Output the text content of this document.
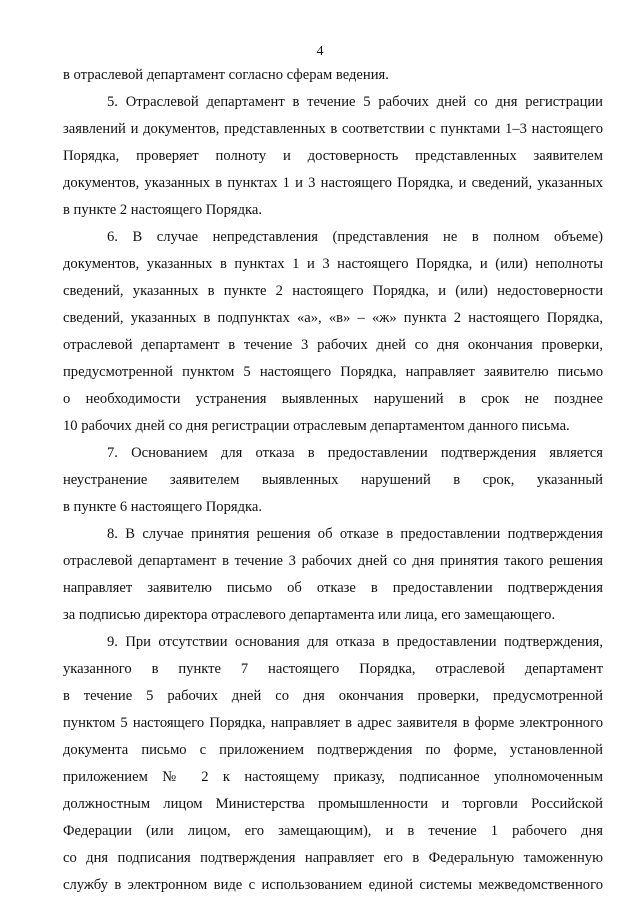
4
в отраслевой департамент согласно сферам ведения.
5. Отраслевой департамент в течение 5 рабочих дней со дня регистрации
заявлений и документов, представленных в соответствии с пунктами 1–3 настоящего
Порядка, проверяет полноту и достоверность представленных заявителем
документов, указанных в пунктах 1 и 3 настоящего Порядка, и сведений, указанных
в пункте 2 настоящего Порядка.
6. В случае непредставления (представления не в полном объеме)
документов, указанных в пунктах 1 и 3 настоящего Порядка, и (или) неполноты
сведений, указанных в пункте 2 настоящего Порядка, и (или) недостоверности
сведений, указанных в подпунктах «а», «в» – «ж» пункта 2 настоящего Порядка,
отраслевой департамент в течение 3 рабочих дней со дня окончания проверки,
предусмотренной пунктом 5 настоящего Порядка, направляет заявителю письмо
о необходимости устранения выявленных нарушений в срок не позднее
10 рабочих дней со дня регистрации отраслевым департаментом данного письма.
7. Основанием для отказа в предоставлении подтверждения является
неустранение заявителем выявленных нарушений в срок, указанный
в пункте 6 настоящего Порядка.
8. В случае принятия решения об отказе в предоставлении подтверждения
отраслевой департамент в течение 3 рабочих дней со дня принятия такого решения
направляет заявителю письмо об отказе в предоставлении подтверждения
за подписью директора отраслевого департамента или лица, его замещающего.
9. При отсутствии основания для отказа в предоставлении подтверждения,
указанного в пункте 7 настоящего Порядка, отраслевой департамент
в течение 5 рабочих дней со дня окончания проверки, предусмотренной
пунктом 5 настоящего Порядка, направляет в адрес заявителя в форме электронного
документа письмо с приложением подтверждения по форме, установленной
приложением № 2 к настоящему приказу, подписанное уполномоченным
должностным лицом Министерства промышленности и торговли Российской
Федерации (или лицом, его замещающим), и в течение 1 рабочего дня
со дня подписания подтверждения направляет его в Федеральную таможенную
службу в электронном виде с использованием единой системы межведомственного
